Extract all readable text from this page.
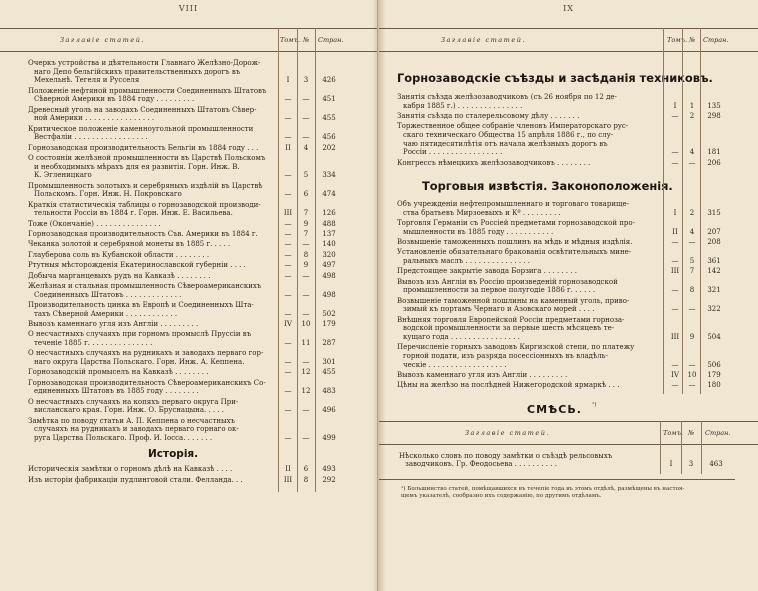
VIII
Заглавіе статей.	Томъ. № Стран.
Очеркъ устройства и дѣятельности Главнаго Желѣзно-Дорож-
наго Депо бельгійскихъ правительственныхъ дорогъ въ
Мехельнѣ. Тегеля и Русселя	I	3	426
Положеніе нефтяной промышленности Соединенныхъ Штатовъ
Сѣверной Америки въ 1884 году . . . . . . . . .	—	—	451
Древесный уголь на заводахъ Соединенныхъ Штатовъ Сѣвер-
ной Америки . . . . . . . . . . . . . . . .	—	—	455
Критическое положеніе каменноугольной промышленности
Вестфаліи . . . . . . . . . . . . . . . . .	—	—	456
Горнозаводская производительность Бельгіи въ 1884 году . . .	II	4	202
О состояніи желѣзной промышленности въ Царствѣ Польскомъ
и необходимыхъ мѣрахъ для ея развитія. Горн. Инж. В.
К. Эгленицкаго	—	5	334
Промышленность золотыхъ и серебряныхъ издѣлій въ Царствѣ
Польскомъ. Горн. Инж. Н. Покровскаго	—	6	474
Краткія статистическія таблицы о горнозаводской производи-
тельности Россіи въ 1884 г. Горн. Инж. Е. Васильева.	III	7	126
Тоже (Окончаніе) . . . . . . . . . . . . . . .	—	9	488
Горнозаводская производительность Съв. Америки въ 1884 г.	—	7	137
Чеканка золотой и серебряной монеты въ 1885 г. . . . .	—	—	140
Глауберова соль въ Кубанской области . . . . . . . .	—	8	320
Ртутныя мѣсторожденія Екатеринославской губерніи . . . .	—	9	497
Добыча марганцевыхъ рудъ на Кавказѣ . . . . . . . .	—	—	498
Желѣзная и стальная промышленность Сѣвероамериканскихъ
Соединенныхъ Штатовъ . . . . . . . . . . . . .	—	—	498
Производительность цинка въ Европѣ и Соединенныхъ Шта-
тахъ Сѣверной Америки . . . . . . . . . . . .	—	—	502
Вывозъ каменнаго угля изъ Англіи . . . . . . . . .	IV	10	179
О несчастныхъ случаяхъ при горномъ промыслѣ Пруссіи въ
теченіе 1885 г. . . . . . . . . . . . . . .	—	11	287
О несчастныхъ случаяхъ на рудникахъ и заводахъ перваго гор-
наго округа Царства Польскаго. Горн. Инж. А. Кеппена.	—	—	301
Горнозаводскій промыселъ на Кавказѣ . . . . . . . .	—	12	455
Горнозаводская производительность Сѣвероамериканскихъ Со-
единенныхъ Штатовъ въ 1885 году . . . . . . . .	—	12	483
О несчастныхъ случаяхъ на копяхъ перваго округа При-
висланскаго края. Горн. Инж. О. Бруснацына. . . . .	—	—	496
Замѣтка по поводу статьи А. П. Кеппена о несчастныхъ
случаяхъ на рудникахъ и заводахъ перваго горнаго ок-
руга Царства Польскаго. Проф. И. Іосса. . . . . . .	—	—	499
Исторія.
Историческія замѣтки о горномъ дѣлѣ на Кавказѣ . . . .	II	6	493
Изъ исторіи фабрикаціи пудлинговой стали. Фелланда. . .	III	8	292
IX
Заглавіе статей.	Томъ. № Стран.
Горнозаводскіе съѣзды и засѣданія техниковъ.
Занятія съѣзда желѣзозаводчиковъ (съ 26 ноября по 12 де-
кабря 1885 г.) . . . . . . . . . . . . . . .	I	1	135
Занятія съѣзда по сталерельсовому дѣлу . . . . . . .	—	2	298
Торжественное общее собраніе членовъ Императорскаго рус-
скаго техническаго Общества 15 апрѣля 1886 г., по слу-
чаю пятидесятилѣтія отъ начала желѣзныхъ дорогъ въ
Россіи . . . . . . . . . . . . . . . . .	—	4	181
Конгрессъ нѣмецкихъ желѣзозаводчиковъ . . . . . . . .	—	—	206
Торговыя извѣстія. Законоположенія.
Объ учрежденіи нефтепромышленнаго и торговаго товарище-
ства братьевъ Мирзоевыхъ и Кº . . . . . . . . .	I	2	315
Торговля Германіи съ Россіей предметами горнозаводской про-
мышленности въ 1885 году . . . . . . . . . . .	II	4	207
Возвышеніе таможенныхъ пошлинъ на мѣдь и мѣдныя издѣлія.	—	—	208
Установленіе обязательнаго бракованія освѣтительныхъ мине-
ральныхъ маслъ . . . . . . . . . . . . . . .	—	5	361
Предстоящее закрытіе завода Борзига . . . . . . . .	III	7	142
Вывозъ изъ Англіи въ Россію произведеній горнозаводской
промышленности за первое полугодіе 1886 г. . . . . .	—	8	321
Возвышеніе таможенной пошлины на каменный уголь, приво-
зимый къ портамъ Чернаго и Азовскаго морей . . . .	—	—	322
Внѣшняя торговля Европейской Россіи предметами горноза-
водской промышленности за первые шесть мѣсяцевъ те-
кущаго года . . . . . . . . . . . . . . . .	III	9	504
Перечисленіе горныхъ заводовъ Киргизской степи, по платежу
горной подати, изъ разряда посессіонныхъ въ владѣль-
ческіе . . . . . . . . . . . . . . . . . .	—	—	506
Вывозъ каменнаго угля изъ Англіи . . . . . . . . .	IV	10	179
Цѣны на желѣзо на послѣдней Нижегородской ярмаркѣ . . .	—	—	180
СМѢСЬ. ¹)
Заглавіе статей.	Томъ. № Стран.
Нѣсколько словъ по поводу замѣтки о съѣздѣ рельсовыхъ
заводчиковъ. Гр. Феодосьева . . . . . . . . . .	I	3	463
¹) Большинство статей, помѣщавшихся въ течепіе года въ этомъ отдѣлѣ, размѣщены въ настоя-
щемъ указателѣ, сообразно ихъ содержанію, по другимъ отдѣламъ.
